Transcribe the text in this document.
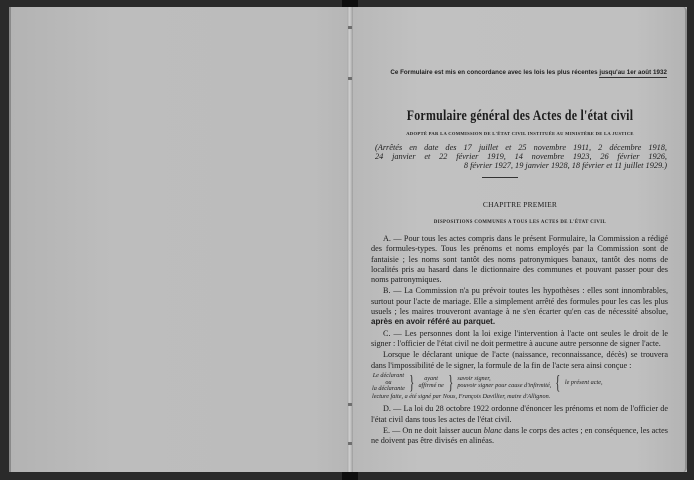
Ce Formulaire est mis en concordance avec les lois les plus récentes jusqu'au 1er août 1932
Formulaire général des Actes de l'état civil
ADOPTÉ PAR LA COMMISSION DE L'ÉTAT CIVIL INSTITUÉE AU MINISTÈRE DE LA JUSTICE
(Arrêtés en date des 17 juillet et 25 novembre 1911, 2 décembre 1918,
24 janvier et 22 février 1919, 14 novembre 1923, 26 février 1926,
8 février 1927, 19 janvier 1928, 18 février et 11 juillet 1929.)
CHAPITRE PREMIER
DISPOSITIONS COMMUNES A TOUS LES ACTES DE L'ÉTAT CIVIL

A. — Pour tous les actes compris dans le présent Formulaire, la Commission a rédigé des formules-types. Tous les prénoms et noms employés par la Commission sont de fantaisie ; les noms sont tantôt des noms patronymiques banaux, tantôt des noms de localités pris au hasard dans le dictionnaire des communes et pouvant passer pour des noms patronymiques.

B. — La Commission n'a pu prévoir toutes les hypothèses : elles sont innombrables, surtout pour l'acte de mariage. Elle a simplement arrêté des formules pour les cas les plus usuels ; les maires trouveront avantage à ne s'en écarter qu'en cas de nécessité absolue, après en avoir référé au parquet.

C. — Les personnes dont la loi exige l'intervention à l'acte ont seules le droit de le signer : l'officier de l'état civil ne doit permettre à aucune autre personne de signer l'acte.

Lorsque le déclarant unique de l'acte (naissance, reconnaissance, décès) se trouvera dans l'impossibilité de le signer, la formule de la fin de l'acte sera ainsi conçue :

Le déclarant
ou
la déclarante } ayant
affirmé ne } savoir signer,
pouvoir signer pour cause d'infirmité, { le présent acte,
lecture faite, a été signé par Nous, François Davillier, maire d'Allignon.

D. — La loi du 28 octobre 1922 ordonne d'énoncer les prénoms et nom de l'officier de l'état civil dans tous les actes de l'état civil.

E. — On ne doit laisser aucun blanc dans le corps des actes ; en conséquence, les actes ne doivent pas être divisés en alinéas.
